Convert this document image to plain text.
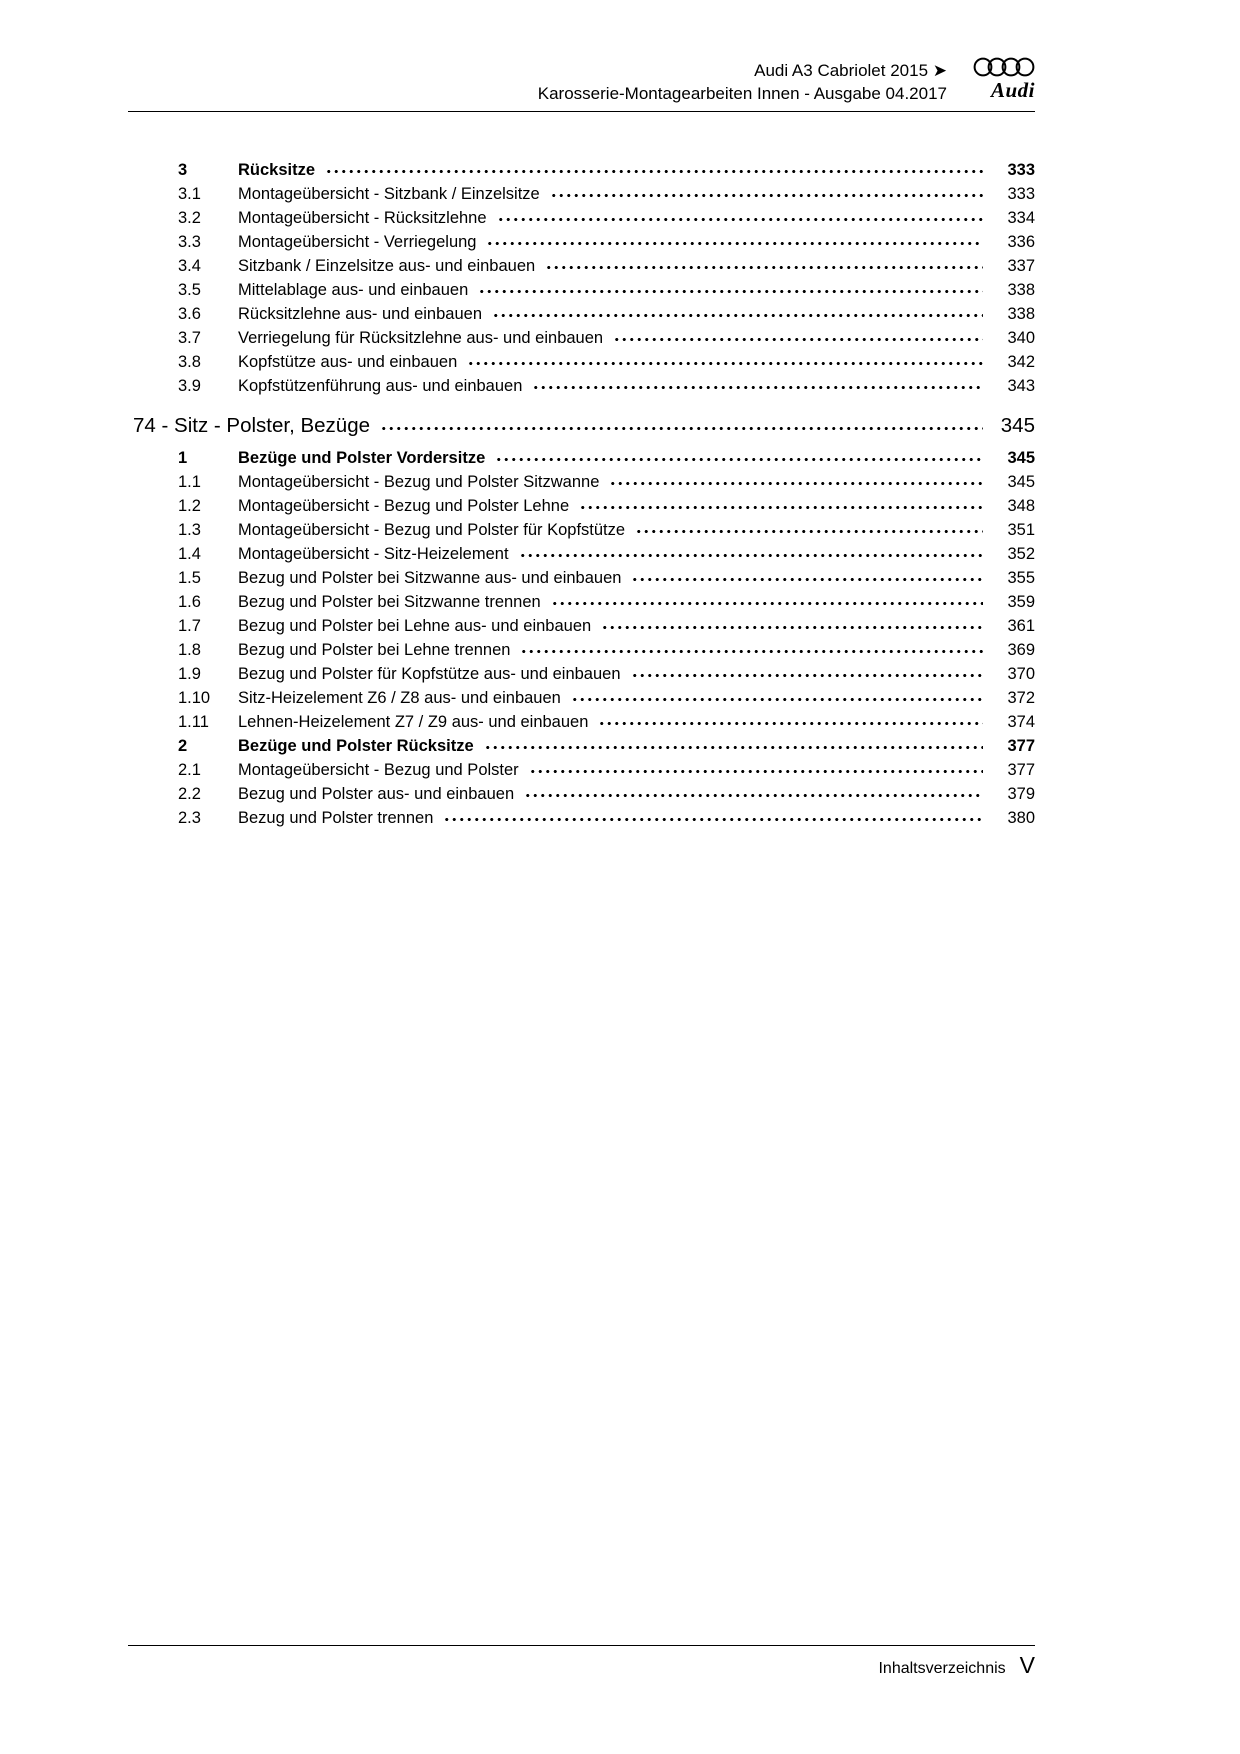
Audi A3 Cabriolet 2015 ➤
Karosserie-Montagearbeiten Innen - Ausgabe 04.2017 Audi
3	Rücksitze	333
3.1	Montageübersicht - Sitzbank / Einzelsitze	333
3.2	Montageübersicht - Rücksitzlehne	334
3.3	Montageübersicht - Verriegelung	336
3.4	Sitzbank / Einzelsitze aus- und einbauen	337
3.5	Mittelablage aus- und einbauen	338
3.6	Rücksitzlehne aus- und einbauen	338
3.7	Verriegelung für Rücksitzlehne aus- und einbauen	340
3.8	Kopfstütze aus- und einbauen	342
3.9	Kopfstützenführung aus- und einbauen	343
74 - Sitz - Polster, Bezüge	345
1	Bezüge und Polster Vordersitze	345
1.1	Montageübersicht - Bezug und Polster Sitzwanne	345
1.2	Montageübersicht - Bezug und Polster Lehne	348
1.3	Montageübersicht - Bezug und Polster für Kopfstütze	351
1.4	Montageübersicht - Sitz-Heizelement	352
1.5	Bezug und Polster bei Sitzwanne aus- und einbauen	355
1.6	Bezug und Polster bei Sitzwanne trennen	359
1.7	Bezug und Polster bei Lehne aus- und einbauen	361
1.8	Bezug und Polster bei Lehne trennen	369
1.9	Bezug und Polster für Kopfstütze aus- und einbauen	370
1.10	Sitz-Heizelement Z6 / Z8 aus- und einbauen	372
1.11	Lehnen-Heizelement Z7 / Z9 aus- und einbauen	374
2	Bezüge und Polster Rücksitze	377
2.1	Montageübersicht - Bezug und Polster	377
2.2	Bezug und Polster aus- und einbauen	379
2.3	Bezug und Polster trennen	380
Inhaltsverzeichnis V
